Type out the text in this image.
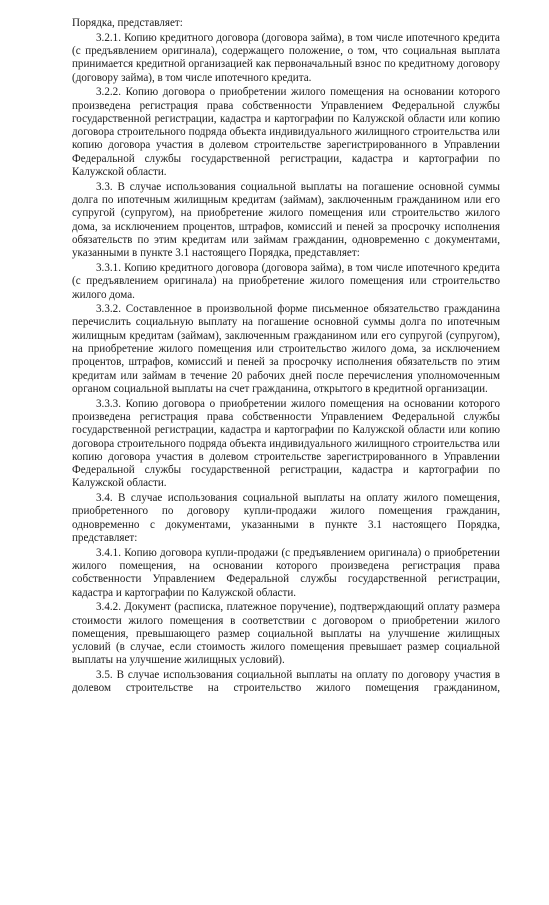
Порядка, представляет:

3.2.1. Копию кредитного договора (договора займа), в том числе ипотечного кредита (с предъявлением оригинала), содержащего положение, о том, что социальная выплата принимается кредитной организацией как первоначальный взнос по кредитному договору (договору займа), в том числе ипотечного кредита.

3.2.2. Копию договора о приобретении жилого помещения на основании которого произведена регистрация права собственности Управлением Федеральной службы государственной регистрации, кадастра и картографии по Калужской области или копию договора строительного подряда объекта индивидуального жилищного строительства или копию договора участия в долевом строительстве зарегистрированного в Управлении Федеральной службы государственной регистрации, кадастра и картографии по Калужской области.

3.3. В случае использования социальной выплаты на погашение основной суммы долга по ипотечным жилищным кредитам (займам), заключенным гражданином или его супругой (супругом), на приобретение жилого помещения или строительство жилого дома, за исключением процентов, штрафов, комиссий и пеней за просрочку исполнения обязательств по этим кредитам или займам гражданин, одновременно с документами, указанными в пункте 3.1 настоящего Порядка, представляет:

3.3.1. Копию кредитного договора (договора займа), в том числе ипотечного кредита (с предъявлением оригинала) на приобретение жилого помещения или строительство жилого дома.

3.3.2. Составленное в произвольной форме письменное обязательство гражданина перечислить социальную выплату на погашение основной суммы долга по ипотечным жилищным кредитам (займам), заключенным гражданином или его супругой (супругом), на приобретение жилого помещения или строительство жилого дома, за исключением процентов, штрафов, комиссий и пеней за просрочку исполнения обязательств по этим кредитам или займам в течение 20 рабочих дней после перечисления уполномоченным органом социальной выплаты на счет гражданина, открытого в кредитной организации.

3.3.3. Копию договора о приобретении жилого помещения на основании которого произведена регистрация права собственности Управлением Федеральной службы государственной регистрации, кадастра и картографии по Калужской области или копию договора строительного подряда объекта индивидуального жилищного строительства или копию договора участия в долевом строительстве зарегистрированного в Управлении Федеральной службы государственной регистрации, кадастра и картографии по Калужской области.

3.4. В случае использования социальной выплаты на оплату жилого помещения, приобретенного по договору купли-продажи жилого помещения гражданин, одновременно с документами, указанными в пункте 3.1 настоящего Порядка, представляет:

3.4.1. Копию договора купли-продажи (с предъявлением оригинала) о приобретении жилого помещения, на основании которого произведена регистрация права собственности Управлением Федеральной службы государственной регистрации, кадастра и картографии по Калужской области.

3.4.2. Документ (расписка, платежное поручение), подтверждающий оплату размера стоимости жилого помещения в соответствии с договором о приобретении жилого помещения, превышающего размер социальной выплаты на улучшение жилищных условий (в случае, если стоимость жилого помещения превышает размер социальной выплаты на улучшение жилищных условий).

3.5. В случае использования социальной выплаты на оплату по договору участия в долевом строительстве на строительство жилого помещения гражданином,
